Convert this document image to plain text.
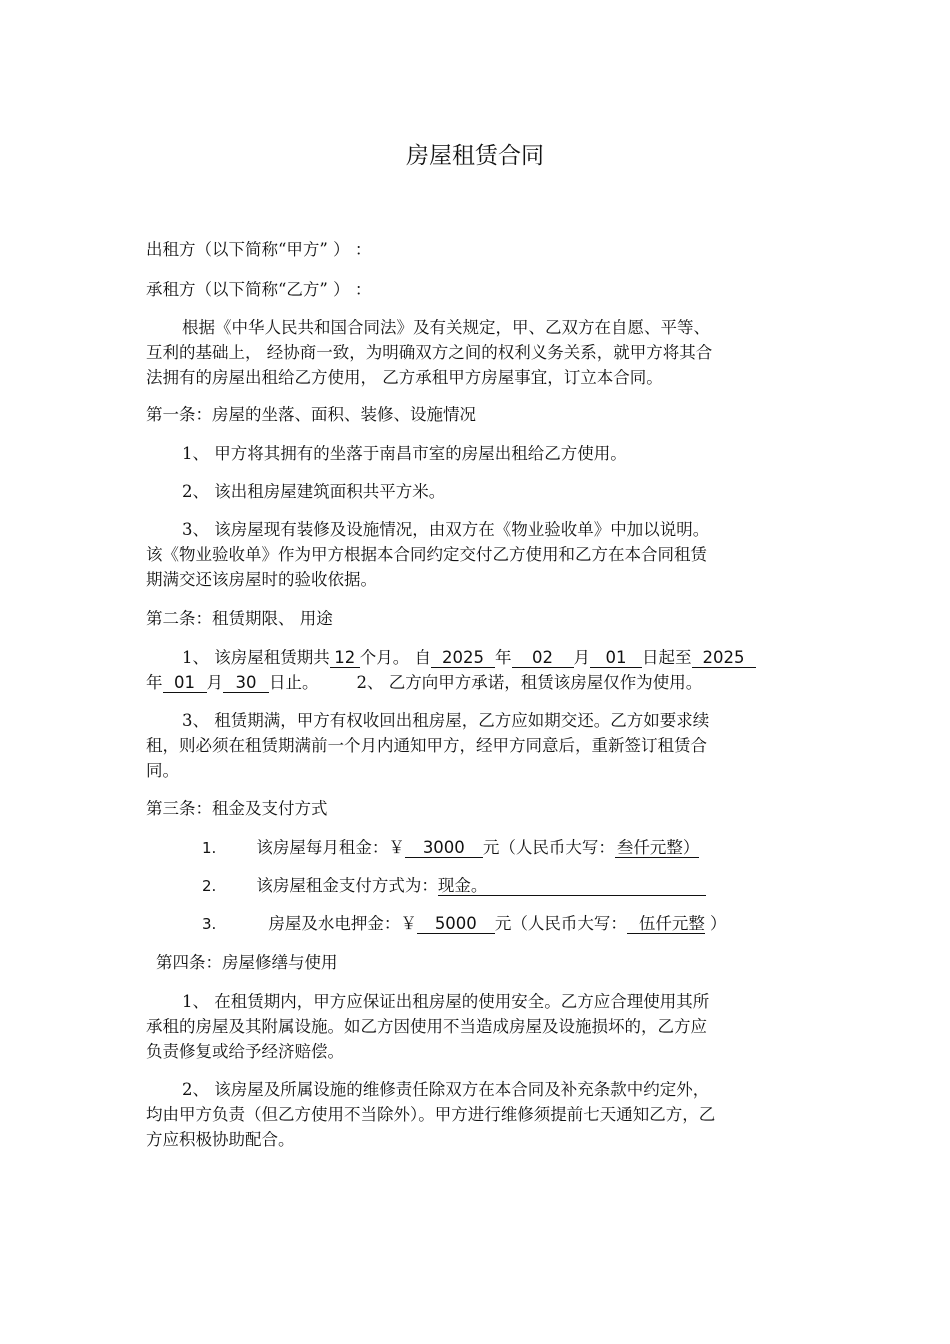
房屋租赁合同
出租方（以下简称“甲方” ） ：
承租方（以下简称“乙方” ） ：
根据《中华人民共和国合同法》及有关规定，甲、乙双方在自愿、平等、
互利的基础上， 经协商一致，为明确双方之间的权利义务关系，就甲方将其合
法拥有的房屋出租给乙方使用， 乙方承租甲方房屋事宜，订立本合同。
第一条：房屋的坐落、面积、装修、设施情况
1、 甲方将其拥有的坐落于南昌市室的房屋出租给乙方使用。
2、 该出租房屋建筑面积共平方米。
3、 该房屋现有装修及设施情况，由双方在《物业验收单》中加以说明。
该《物业验收单》作为甲方根据本合同约定交付乙方使用和乙方在本合同租赁
期满交还该房屋时的验收依据。
第二条：租赁期限、 用途
1、 该房屋租赁期共 12 个月。 自 2025 年 02 月 01 日起至 2025
年 01 月 30 日止。 2、 乙方向甲方承诺，租赁该房屋仅作为使用。
3、 租赁期满，甲方有权收回出租房屋，乙方应如期交还。乙方如要求续
租，则必须在租赁期满前一个月内通知甲方，经甲方同意后，重新签订租赁合
同。
第三条：租金及支付方式
1. 该房屋每月租金：￥ 3000 元（人民币大写： 叁仟元整）
2. 该房屋租金支付方式为：现金。
3.	房屋及水电押金：￥ 5000 元（人民币大写： 伍仟元整 ）
第四条：房屋修缮与使用
1、 在租赁期内，甲方应保证出租房屋的使用安全。乙方应合理使用其所
承租的房屋及其附属设施。如乙方因使用不当造成房屋及设施损坏的，乙方应
负责修复或给予经济赔偿。
2、 该房屋及所属设施的维修责任除双方在本合同及补充条款中约定外，
均由甲方负责（但乙方使用不当除外）。甲方进行维修须提前七天通知乙方，乙
方应积极协助配合。
